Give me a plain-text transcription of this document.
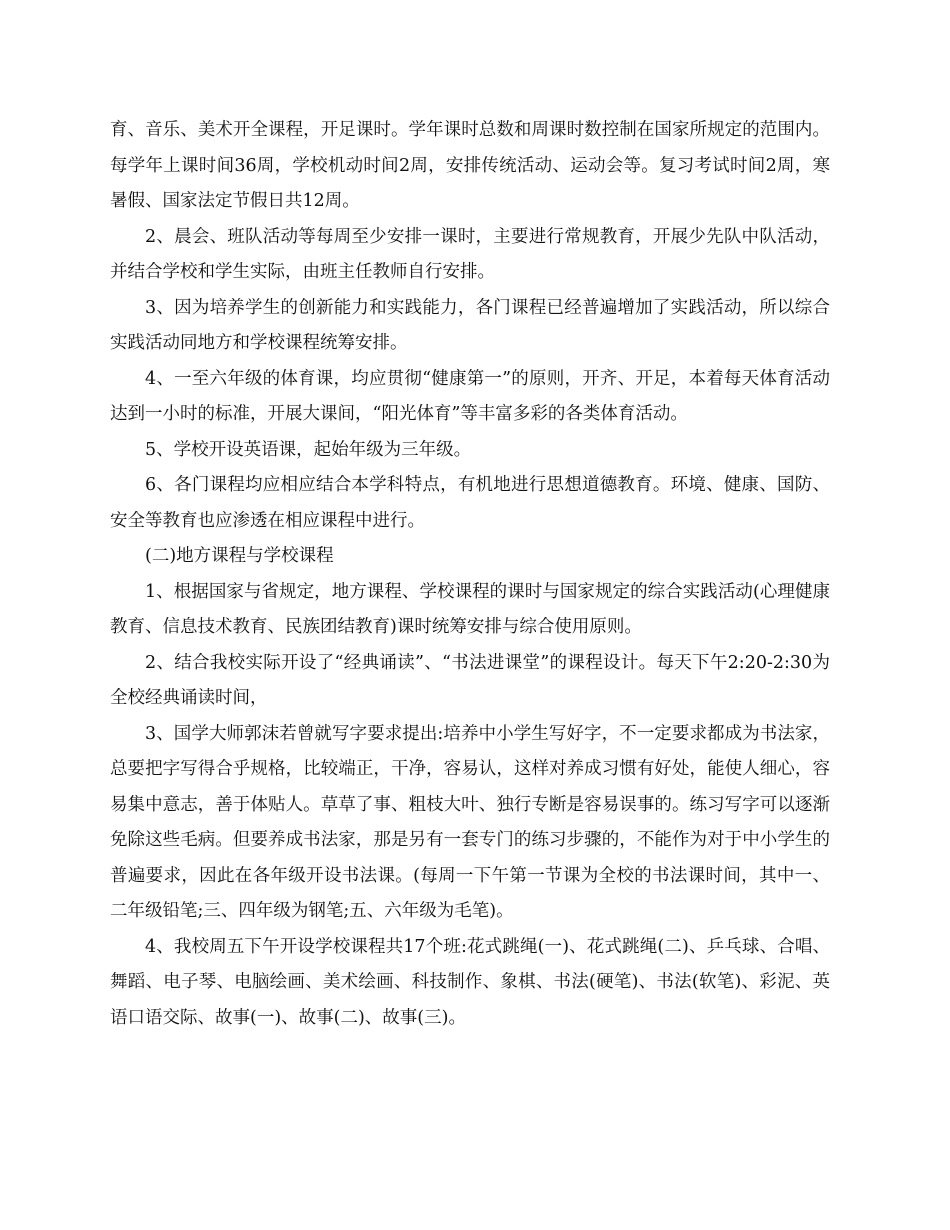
育、音乐、美术开全课程，开足课时。学年课时总数和周课时数控制在国家所规定的范围内。每学年上课时间36周，学校机动时间2周，安排传统活动、运动会等。复习考试时间2周，寒暑假、国家法定节假日共12周。

2、晨会、班队活动等每周至少安排一课时，主要进行常规教育，开展少先队中队活动，并结合学校和学生实际，由班主任教师自行安排。

3、因为培养学生的创新能力和实践能力，各门课程已经普遍增加了实践活动，所以综合实践活动同地方和学校课程统筹安排。

4、一至六年级的体育课，均应贯彻“健康第一”的原则，开齐、开足，本着每天体育活动达到一小时的标准，开展大课间，“阳光体育”等丰富多彩的各类体育活动。

5、学校开设英语课，起始年级为三年级。

6、各门课程均应相应结合本学科特点，有机地进行思想道德教育。环境、健康、国防、安全等教育也应渗透在相应课程中进行。

(二)地方课程与学校课程

1、根据国家与省规定，地方课程、学校课程的课时与国家规定的综合实践活动(心理健康教育、信息技术教育、民族团结教育)课时统筹安排与综合使用原则。

2、结合我校实际开设了“经典诵读”、“书法进课堂”的课程设计。每天下午2:20-2:30为全校经典诵读时间，

3、国学大师郭沫若曾就写字要求提出:培养中小学生写好字，不一定要求都成为书法家，总要把字写得合乎规格，比较端正，干净，容易认，这样对养成习惯有好处，能使人细心，容易集中意志，善于体贴人。草草了事、粗枝大叶、独行专断是容易误事的。练习写字可以逐渐免除这些毛病。但要养成书法家，那是另有一套专门的练习步骤的，不能作为对于中小学生的普遍要求，因此在各年级开设书法课。(每周一下午第一节课为全校的书法课时间，其中一、二年级铅笔;三、四年级为钢笔;五、六年级为毛笔)。

4、我校周五下午开设学校课程共17个班:花式跳绳(一)、花式跳绳(二)、乒乓球、合唱、舞蹈、电子琴、电脑绘画、美术绘画、科技制作、象棋、书法(硬笔)、书法(软笔)、彩泥、英语口语交际、故事(一)、故事(二)、故事(三)。
